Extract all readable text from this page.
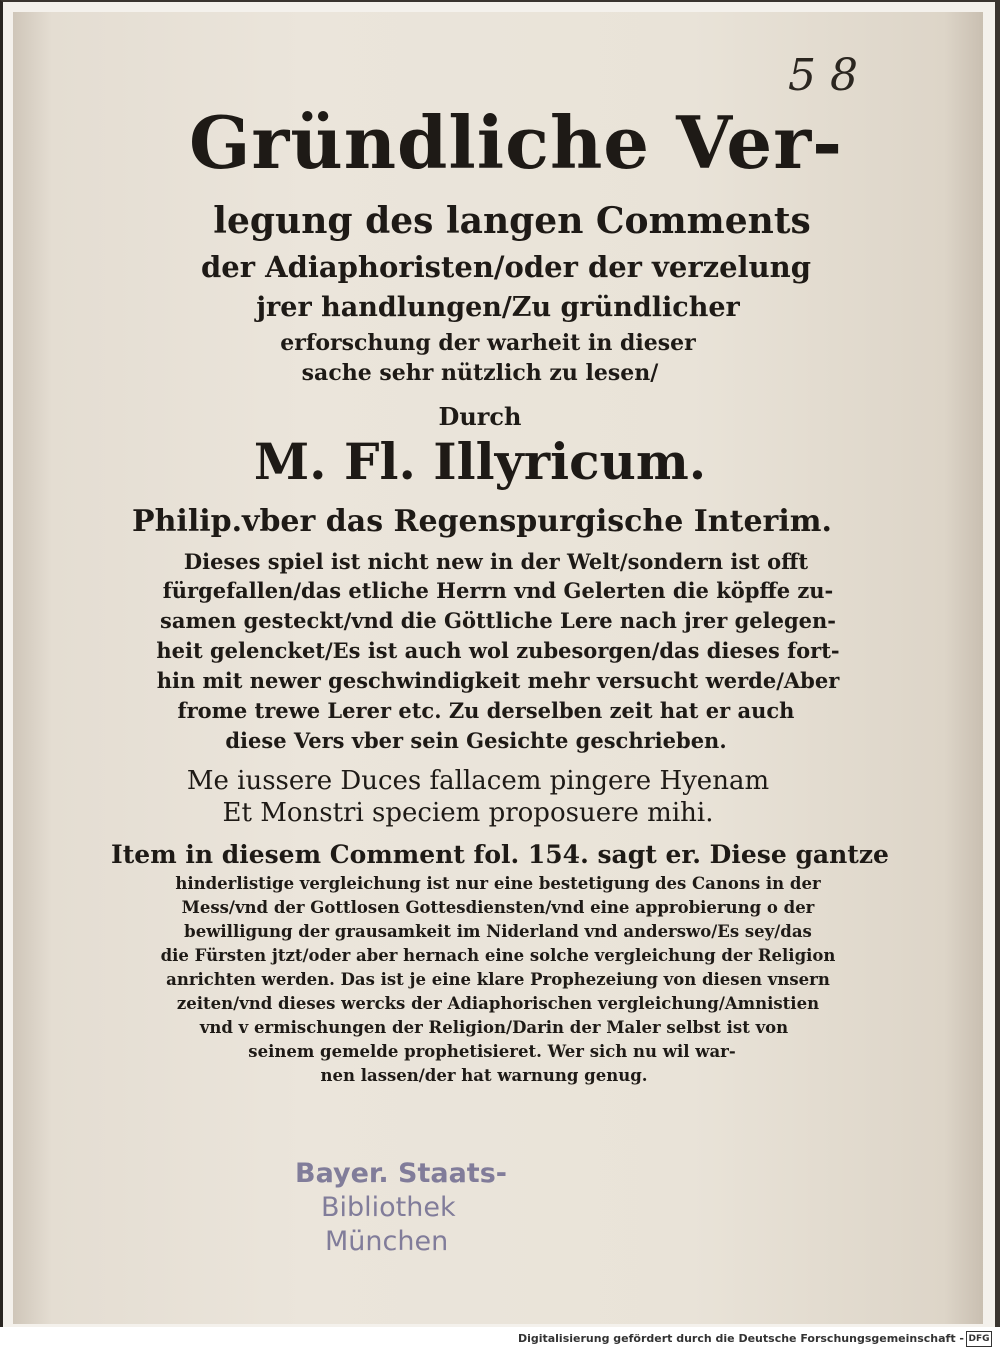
5 8
Gründliche Ver-
legung des langen Comments
der Adiaphoristen/oder der verzelung
jrer handlungen/Zu gründlicher
erforschung der warheit in dieser
sache sehr nützlich zu lesen/
Durch
M. Fl. Illyricum.
Philip.vber das Regenspurgische Interim.
Dieses spiel ist nicht new in der Welt/sondern ist offt
fürgefallen/das etliche Herrn vnd Gelerten die köpffe zu-
samen gesteckt/vnd die Göttliche Lere nach jrer gelegen-
heit gelencket/Es ist auch wol zubesorgen/das dieses fort-
hin mit newer geschwindigkeit mehr versucht werde/Aber
frome trewe Lerer etc. Zu derselben zeit hat er auch
diese Vers vber sein Gesichte geschrieben.
Me iussere Duces fallacem pingere Hyenam
Et Monstri speciem proposuere mihi.
Item in diesem Comment fol. 154. sagt er. Diese gantze
hinderlistige vergleichung ist nur eine bestetigung des Canons in der
Mess/vnd der Gottlosen Gottesdiensten/vnd eine approbierung o der
bewilligung der grausamkeit im Niderland vnd anderswo/Es sey/das
die Fürsten jtzt/oder aber hernach eine solche vergleichung der Religion
anrichten werden. Das ist je eine klare Prophezeiung von diesen vnsern
zeiten/vnd dieses wercks der Adiaphorischen vergleichung/Amnistien
vnd v ermischungen der Religion/Darin der Maler selbst ist von
seinem gemelde prophetisieret. Wer sich nu wil war-
nen lassen/der hat warnung genug.
Bayer. Staats-
Bibliothek
München
Digitalisierung gefördert durch die Deutsche Forschungsgemeinschaft - DFG
